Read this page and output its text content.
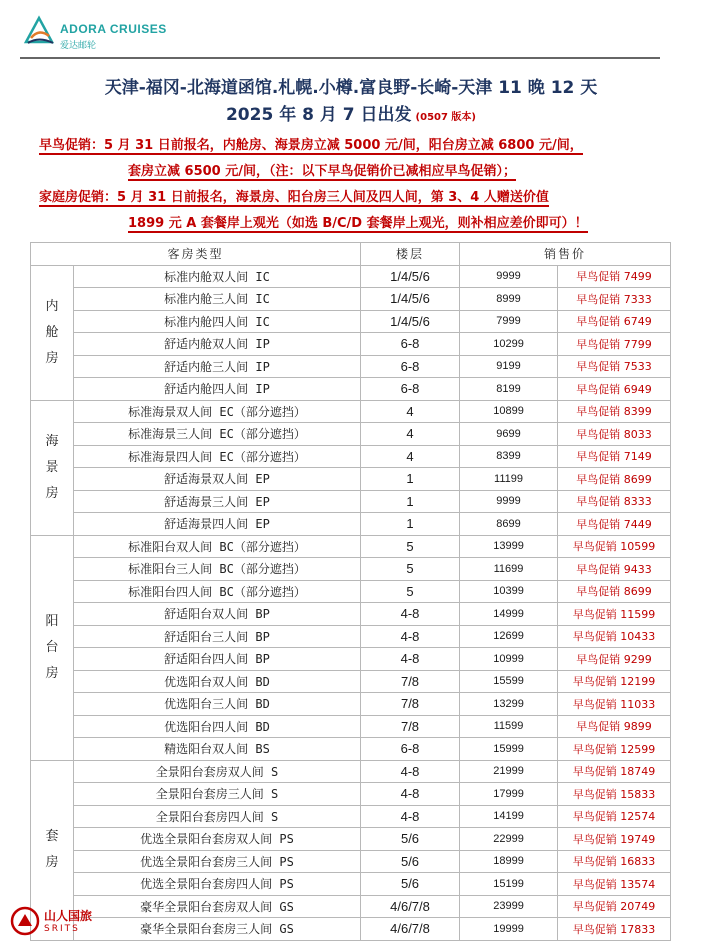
ADORA CRUISES
爱达邮轮
天津-福冈-北海道函馆.札幌.小樽.富良野-长崎-天津 11 晚 12 天
2025 年 8 月 7 日出发 (0507 版本)
早鸟促销：5 月 31 日前报名，内舱房、海景房立减 5000 元/间，阳台房立减 6800 元/间，
套房立减 6500 元/间，（注：以下早鸟促销价已减相应早鸟促销）；
家庭房促销：5 月 31 日前报名，海景房、阳台房三人间及四人间，第 3、4 人赠送价值
1899 元 A 套餐岸上观光（如选 B/C/D 套餐岸上观光，则补相应差价即可）！
客房类型		楼层	销售价	
内舱房	标准内舱双人间 IC	1/4/5/6	9999	早鸟促销 7499
	标准内舱三人间 IC	1/4/5/6	8999	早鸟促销 7333
	标准内舱四人间 IC	1/4/5/6	7999	早鸟促销 6749
	舒适内舱双人间 IP	6-8	10299	早鸟促销 7799
	舒适内舱三人间 IP	6-8	9199	早鸟促销 7533
	舒适内舱四人间 IP	6-8	8199	早鸟促销 6949
海景房	标准海景双人间 EC（部分遮挡）	4	10899	早鸟促销 8399
	标准海景三人间 EC（部分遮挡）	4	9699	早鸟促销 8033
	标准海景四人间 EC（部分遮挡）	4	8399	早鸟促销 7149
	舒适海景双人间 EP	1	11199	早鸟促销 8699
	舒适海景三人间 EP	1	9999	早鸟促销 8333
	舒适海景四人间 EP	1	8699	早鸟促销 7449
阳台房	标准阳台双人间 BC（部分遮挡）	5	13999	早鸟促销 10599
	标准阳台三人间 BC（部分遮挡）	5	11699	早鸟促销 9433
	标准阳台四人间 BC（部分遮挡）	5	10399	早鸟促销 8699
	舒适阳台双人间 BP	4-8	14999	早鸟促销 11599
	舒适阳台三人间 BP	4-8	12699	早鸟促销 10433
	舒适阳台四人间 BP	4-8	10999	早鸟促销 9299
	优选阳台双人间 BD	7/8	15599	早鸟促销 12199
	优选阳台三人间 BD	7/8	13299	早鸟促销 11033
	优选阳台四人间 BD	7/8	11599	早鸟促销 9899
	精选阳台双人间 BS	6-8	15999	早鸟促销 12599
套房	全景阳台套房双人间 S	4-8	21999	早鸟促销 18749
	全景阳台套房三人间 S	4-8	17999	早鸟促销 15833
	全景阳台套房四人间 S	4-8	14199	早鸟促销 12574
	优选全景阳台套房双人间 PS	5/6	22999	早鸟促销 19749
	优选全景阳台套房三人间 PS	5/6	18999	早鸟促销 16833
	优选全景阳台套房四人间 PS	5/6	15199	早鸟促销 13574
	豪华全景阳台套房双人间 GS	4/6/7/8	23999	早鸟促销 20749
	豪华全景阳台套房三人间 GS	4/6/7/8	19999	早鸟促销 17833
山人国旅
SRITS
